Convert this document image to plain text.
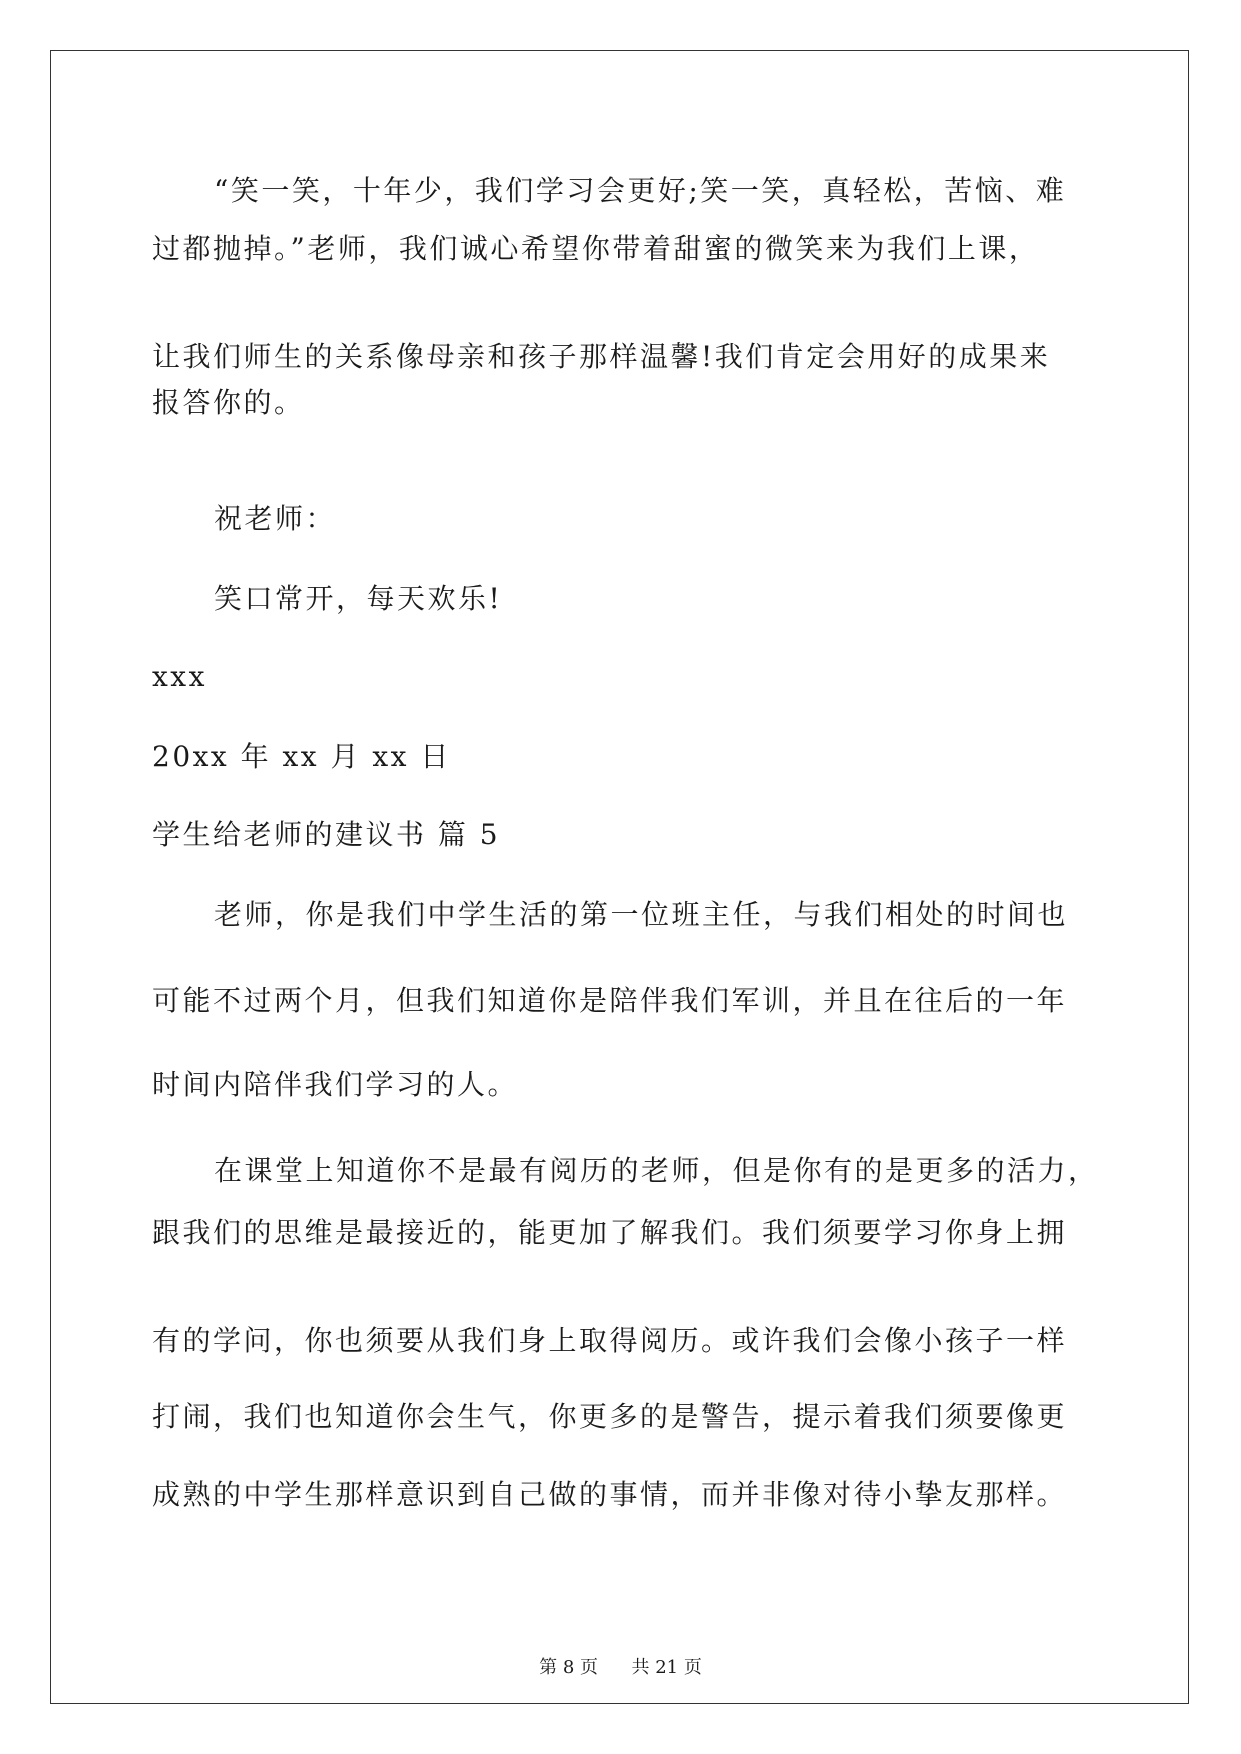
“笑一笑，十年少，我们学习会更好;笑一笑，真轻松，苦恼、难

过都抛掉。”老师，我们诚心希望你带着甜蜜的微笑来为我们上课，

让我们师生的关系像母亲和孩子那样温馨!我们肯定会用好的成果来

报答你的。

祝老师：

笑口常开，每天欢乐!

xxx

20xx 年 xx 月 xx 日

学生给老师的建议书 篇 5

老师，你是我们中学生活的第一位班主任，与我们相处的时间也

可能不过两个月，但我们知道你是陪伴我们军训，并且在往后的一年

时间内陪伴我们学习的人。

在课堂上知道你不是最有阅历的老师，但是你有的是更多的活力，

跟我们的思维是最接近的，能更加了解我们。我们须要学习你身上拥

有的学问，你也须要从我们身上取得阅历。或许我们会像小孩子一样

打闹，我们也知道你会生气，你更多的是警告，提示着我们须要像更

成熟的中学生那样意识到自己做的事情，而并非像对待小挚友那样。

第 8 页 共 21 页
